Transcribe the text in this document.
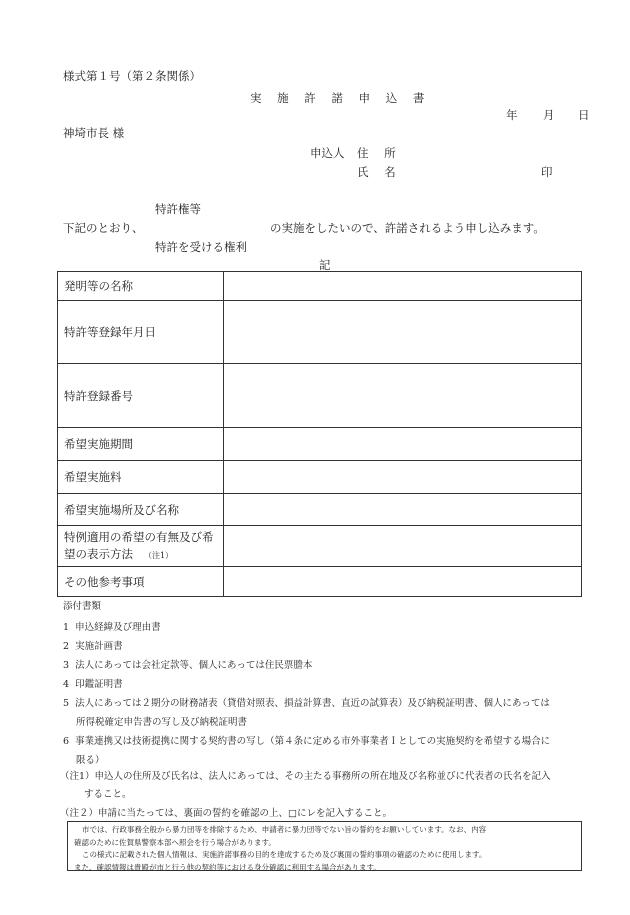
様式第１号（第２条関係）
実 施 許 諾 申 込 書
年 月 日
神埼市長 様
申込人 住 所
氏 名	印
特許権等
下記のとおり、	の実施をしたいので、許諾されるよう申し込みます。
特許を受ける権利
記
発明等の名称	
特許等登録年月日	
特許登録番号	
希望実施期間	
希望実施料	
希望実施場所及び名称	

特例適用の希望の有無及び希
望の表示方法 （注1）	

その他参考事項	
添付書類
1 申込経緯及び理由書
2 実施計画書
3 法人にあっては会社定款等、個人にあっては住民票謄本
4 印鑑証明書
5 法人にあっては２期分の財務諸表（貸借対照表、損益計算書、直近の試算表）及び納税証明書、個人にあっては
所得税確定申告書の写し及び納税証明書
6 事業連携又は技術提携に関する契約書の写し（第４条に定める市外事業者Ｉとしての実施契約を希望する場合に
限る）
（注1）申込人の住所及び氏名は、法人にあっては、その主たる事務所の所在地及び名称並びに代表者の氏名を記入
すること。
（注２）申請に当たっては、裏面の誓約を確認の上、□にレを記入すること。
市では、行政事務全般から暴力団等を排除するため、申請者に暴力団等でない旨の誓約をお願いしています。なお、内容
確認のために佐賀県警察本部へ照会を行う場合があります。
この様式に記載された個人情報は、実施許諾事務の目的を達成するため及び裏面の誓約事項の確認のために使用します。
また、確認情報は貴殿が市と行う他の契約等における身分確認に利用する場合があります。
